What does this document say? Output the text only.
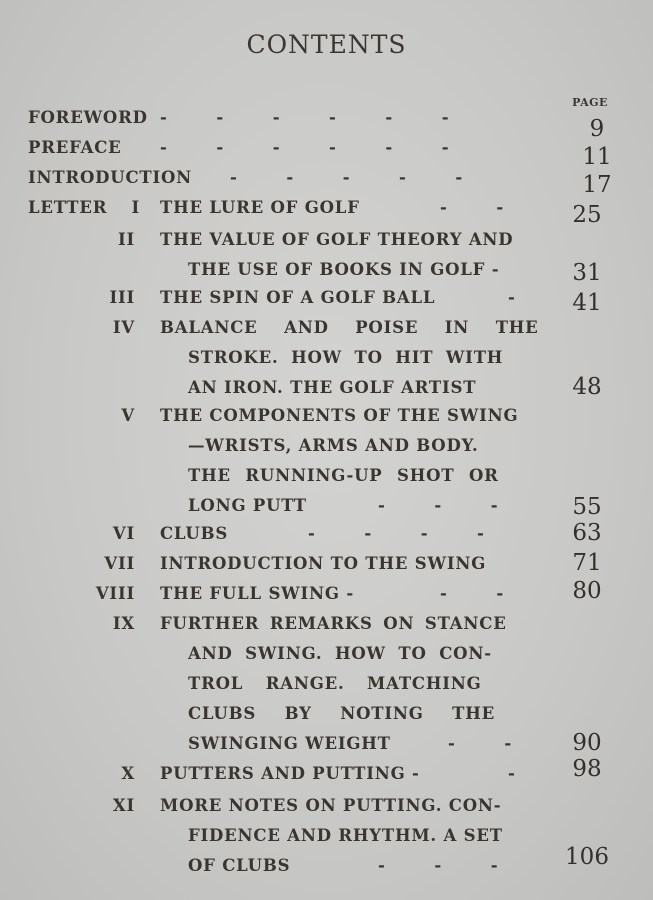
CONTENTS
PAGE
FOREWORD -   -   -   -   -   -	9
PREFACE -   -   -   -   -   -	11
INTRODUCTION -   -   -   -   -	17
LETTER	I THE LURE OF GOLF	-   -	25
II THE VALUE OF GOLF THEORY AND
THE USE OF BOOKS IN GOLF -	31
III THE SPIN OF A GOLF BALL	-	41
IV BALANCE AND POISE IN THE
STROKE. HOW TO HIT WITH
AN IRON. THE GOLF ARTIST	48
V THE COMPONENTS OF THE SWING
—WRISTS, ARMS AND BODY.
THE RUNNING-UP SHOT OR
LONG PUTT	-   -   -	55
VI CLUBS	-   -   -   -	63
VII INTRODUCTION TO THE SWING	71
VIII THE FULL SWING -	-   -	80
IX FURTHER REMARKS ON STANCE
AND SWING. HOW TO CON-
TROL RANGE. MATCHING
CLUBS BY NOTING THE
SWINGING WEIGHT	-   -	90
X PUTTERS AND PUTTING -	-	98
XI MORE NOTES ON PUTTING. CON-
FIDENCE AND RHYTHM. A SET
OF CLUBS	-   -   -	106
